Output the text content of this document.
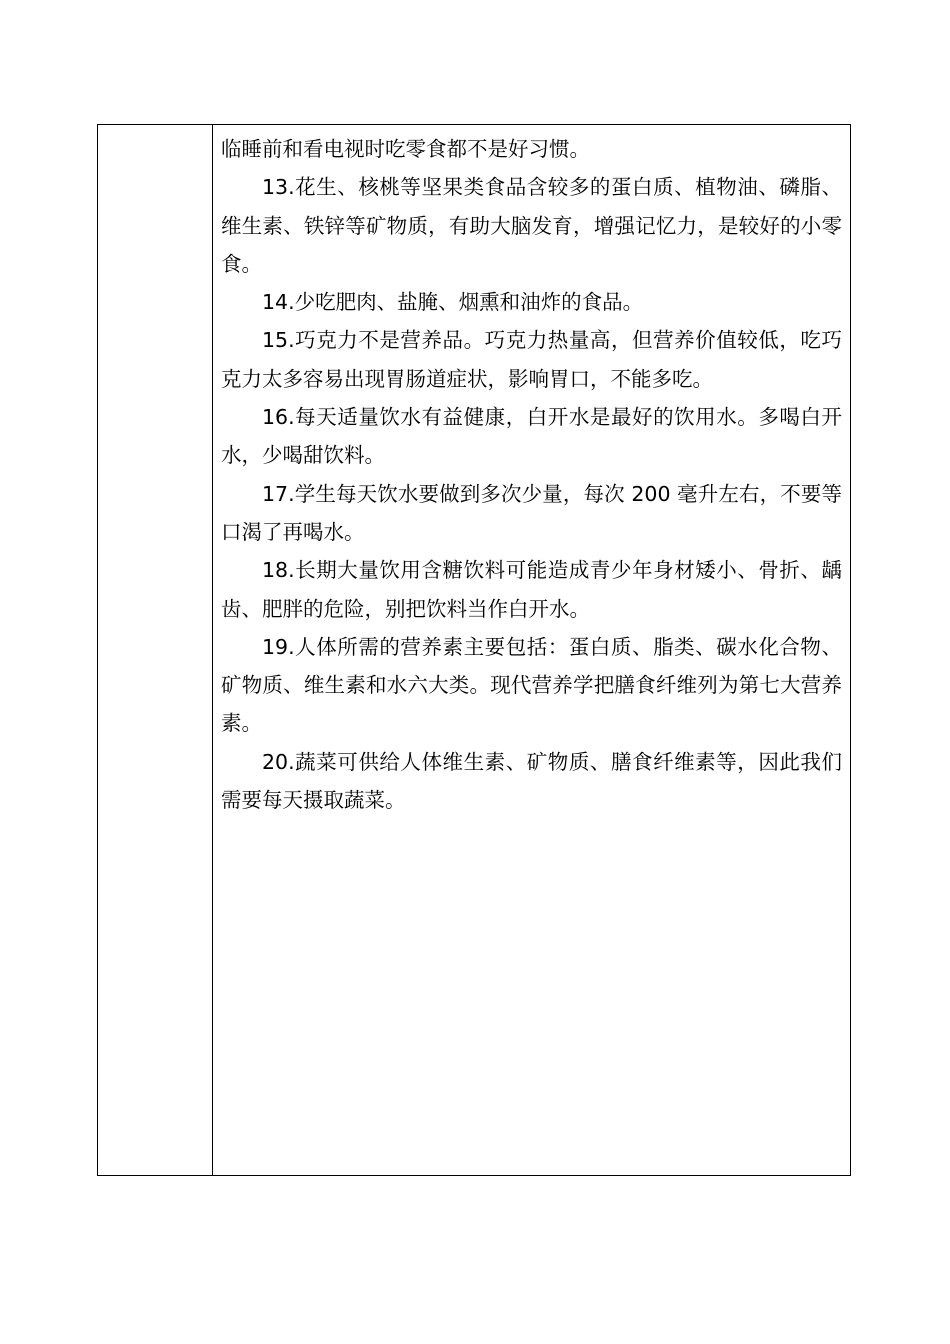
临睡前和看电视时吃零食都不是好习惯。

13.花生、核桃等坚果类食品含较多的蛋白质、植物油、磷脂、维生素、铁锌等矿物质，有助大脑发育，增强记忆力，是较好的小零食。

14.少吃肥肉、盐腌、烟熏和油炸的食品。

15.巧克力不是营养品。巧克力热量高，但营养价值较低，吃巧克力太多容易出现胃肠道症状，影响胃口，不能多吃。

16.每天适量饮水有益健康，白开水是最好的饮用水。多喝白开水，少喝甜饮料。

17.学生每天饮水要做到多次少量，每次 200 毫升左右，不要等口渴了再喝水。

18.长期大量饮用含糖饮料可能造成青少年身材矮小、骨折、龋齿、肥胖的危险，别把饮料当作白开水。

19.人体所需的营养素主要包括：蛋白质、脂类、碳水化合物、矿物质、维生素和水六大类。现代营养学把膳食纤维列为第七大营养素。

20.蔬菜可供给人体维生素、矿物质、膳食纤维素等，因此我们需要每天摄取蔬菜。
